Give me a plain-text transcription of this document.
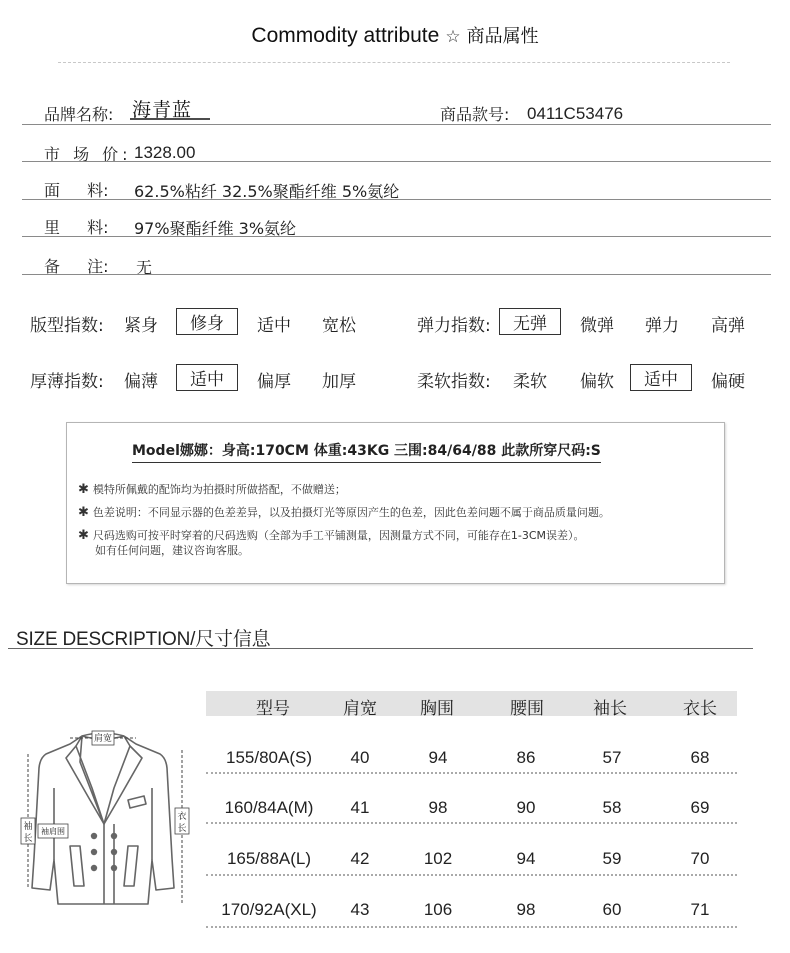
Commodity attribute ☆ 商品属性
品牌名称: 海青蓝	商品款号: 0411C53476
市 场 价: 1328.00
面 料: 62.5%粘纤 32.5%聚酯纤维 5%氨纶
里 料: 97%聚酯纤维 3%氨纶
备 注: 无
版型指数: 紧身	修身	适中 宽松	弹力指数:	无弹	微弹 弹力 高弹
厚薄指数: 偏薄	适中	偏厚 加厚	柔软指数: 柔软 偏软	适中	偏硬
Model娜娜：身高:170CM 体重:43KG 三围:84/64/88 此款所穿尺码:S
✱ 模特所佩戴的配饰均为拍摄时所做搭配，不做赠送；
✱ 色差说明：不同显示器的色差差异，以及拍摄灯光等原因产生的色差，因此色差问题不属于商品质量问题。
✱ 尺码选购可按平时穿着的尺码选购（全部为手工平铺测量，因测量方式不同，可能存在1-3CM误差）。
如有任何问题，建议咨询客服。
SIZE DESCRIPTION/尺寸信息
肩宽
袖
长
袖肩围
衣
长
型号	肩宽	胸围	腰围	袖长	衣长
155/80A(S)	40	94	86	57	68
160/84A(M)	41	98	90	58	69
165/88A(L)	42	102	94	59	70
170/92A(XL)	43	106	98	60	71
